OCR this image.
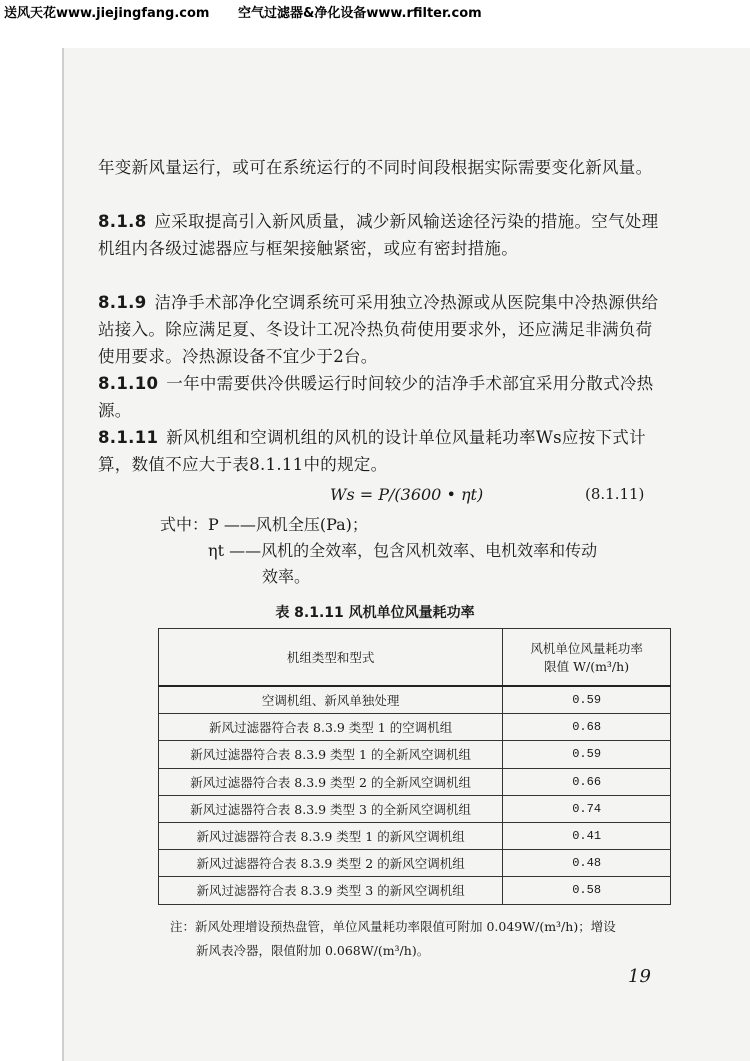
送风天花www.jiejingfang.com 空气过滤器&净化设备www.rfilter.com
年变新风量运行，或可在系统运行的不同时间段根据实际需要变化新风量。
8.1.8 应采取提高引入新风质量，减少新风输送途径污染的措施。空气处理机组内各级过滤器应与框架接触紧密，或应有密封措施。
8.1.9 洁净手术部净化空调系统可采用独立冷热源或从医院集中冷热源供给站接入。除应满足夏、冬设计工况冷热负荷使用要求外，还应满足非满负荷使用要求。冷热源设备不宜少于2台。
8.1.10 一年中需要供冷供暖运行时间较少的洁净手术部宜采用分散式冷热源。
8.1.11 新风机组和空调机组的风机的设计单位风量耗功率Ws应按下式计算，数值不应大于表8.1.11中的规定。
Ws = P/(3600 • ηt)	(8.1.11)
式中：P ——风机全压(Pa)；
ηt ——风机的全效率，包含风机效率、电机效率和传动
效率。
表 8.1.11 风机单位风量耗功率
机组类型和型式	风机单位风量耗功率
限值 W/(m³/h)

空调机组、新风单独处理	0.59
新风过滤器符合表 8.3.9 类型 1 的空调机组	0.68
新风过滤器符合表 8.3.9 类型 1 的全新风空调机组	0.59
新风过滤器符合表 8.3.9 类型 2 的全新风空调机组	0.66
新风过滤器符合表 8.3.9 类型 3 的全新风空调机组	0.74
新风过滤器符合表 8.3.9 类型 1 的新风空调机组	0.41
新风过滤器符合表 8.3.9 类型 2 的新风空调机组	0.48
新风过滤器符合表 8.3.9 类型 3 的新风空调机组	0.58
注：新风处理增设预热盘管，单位风量耗功率限值可附加 0.049W/(m³/h)；增设
新风表冷器，限值附加 0.068W/(m³/h)。
19
